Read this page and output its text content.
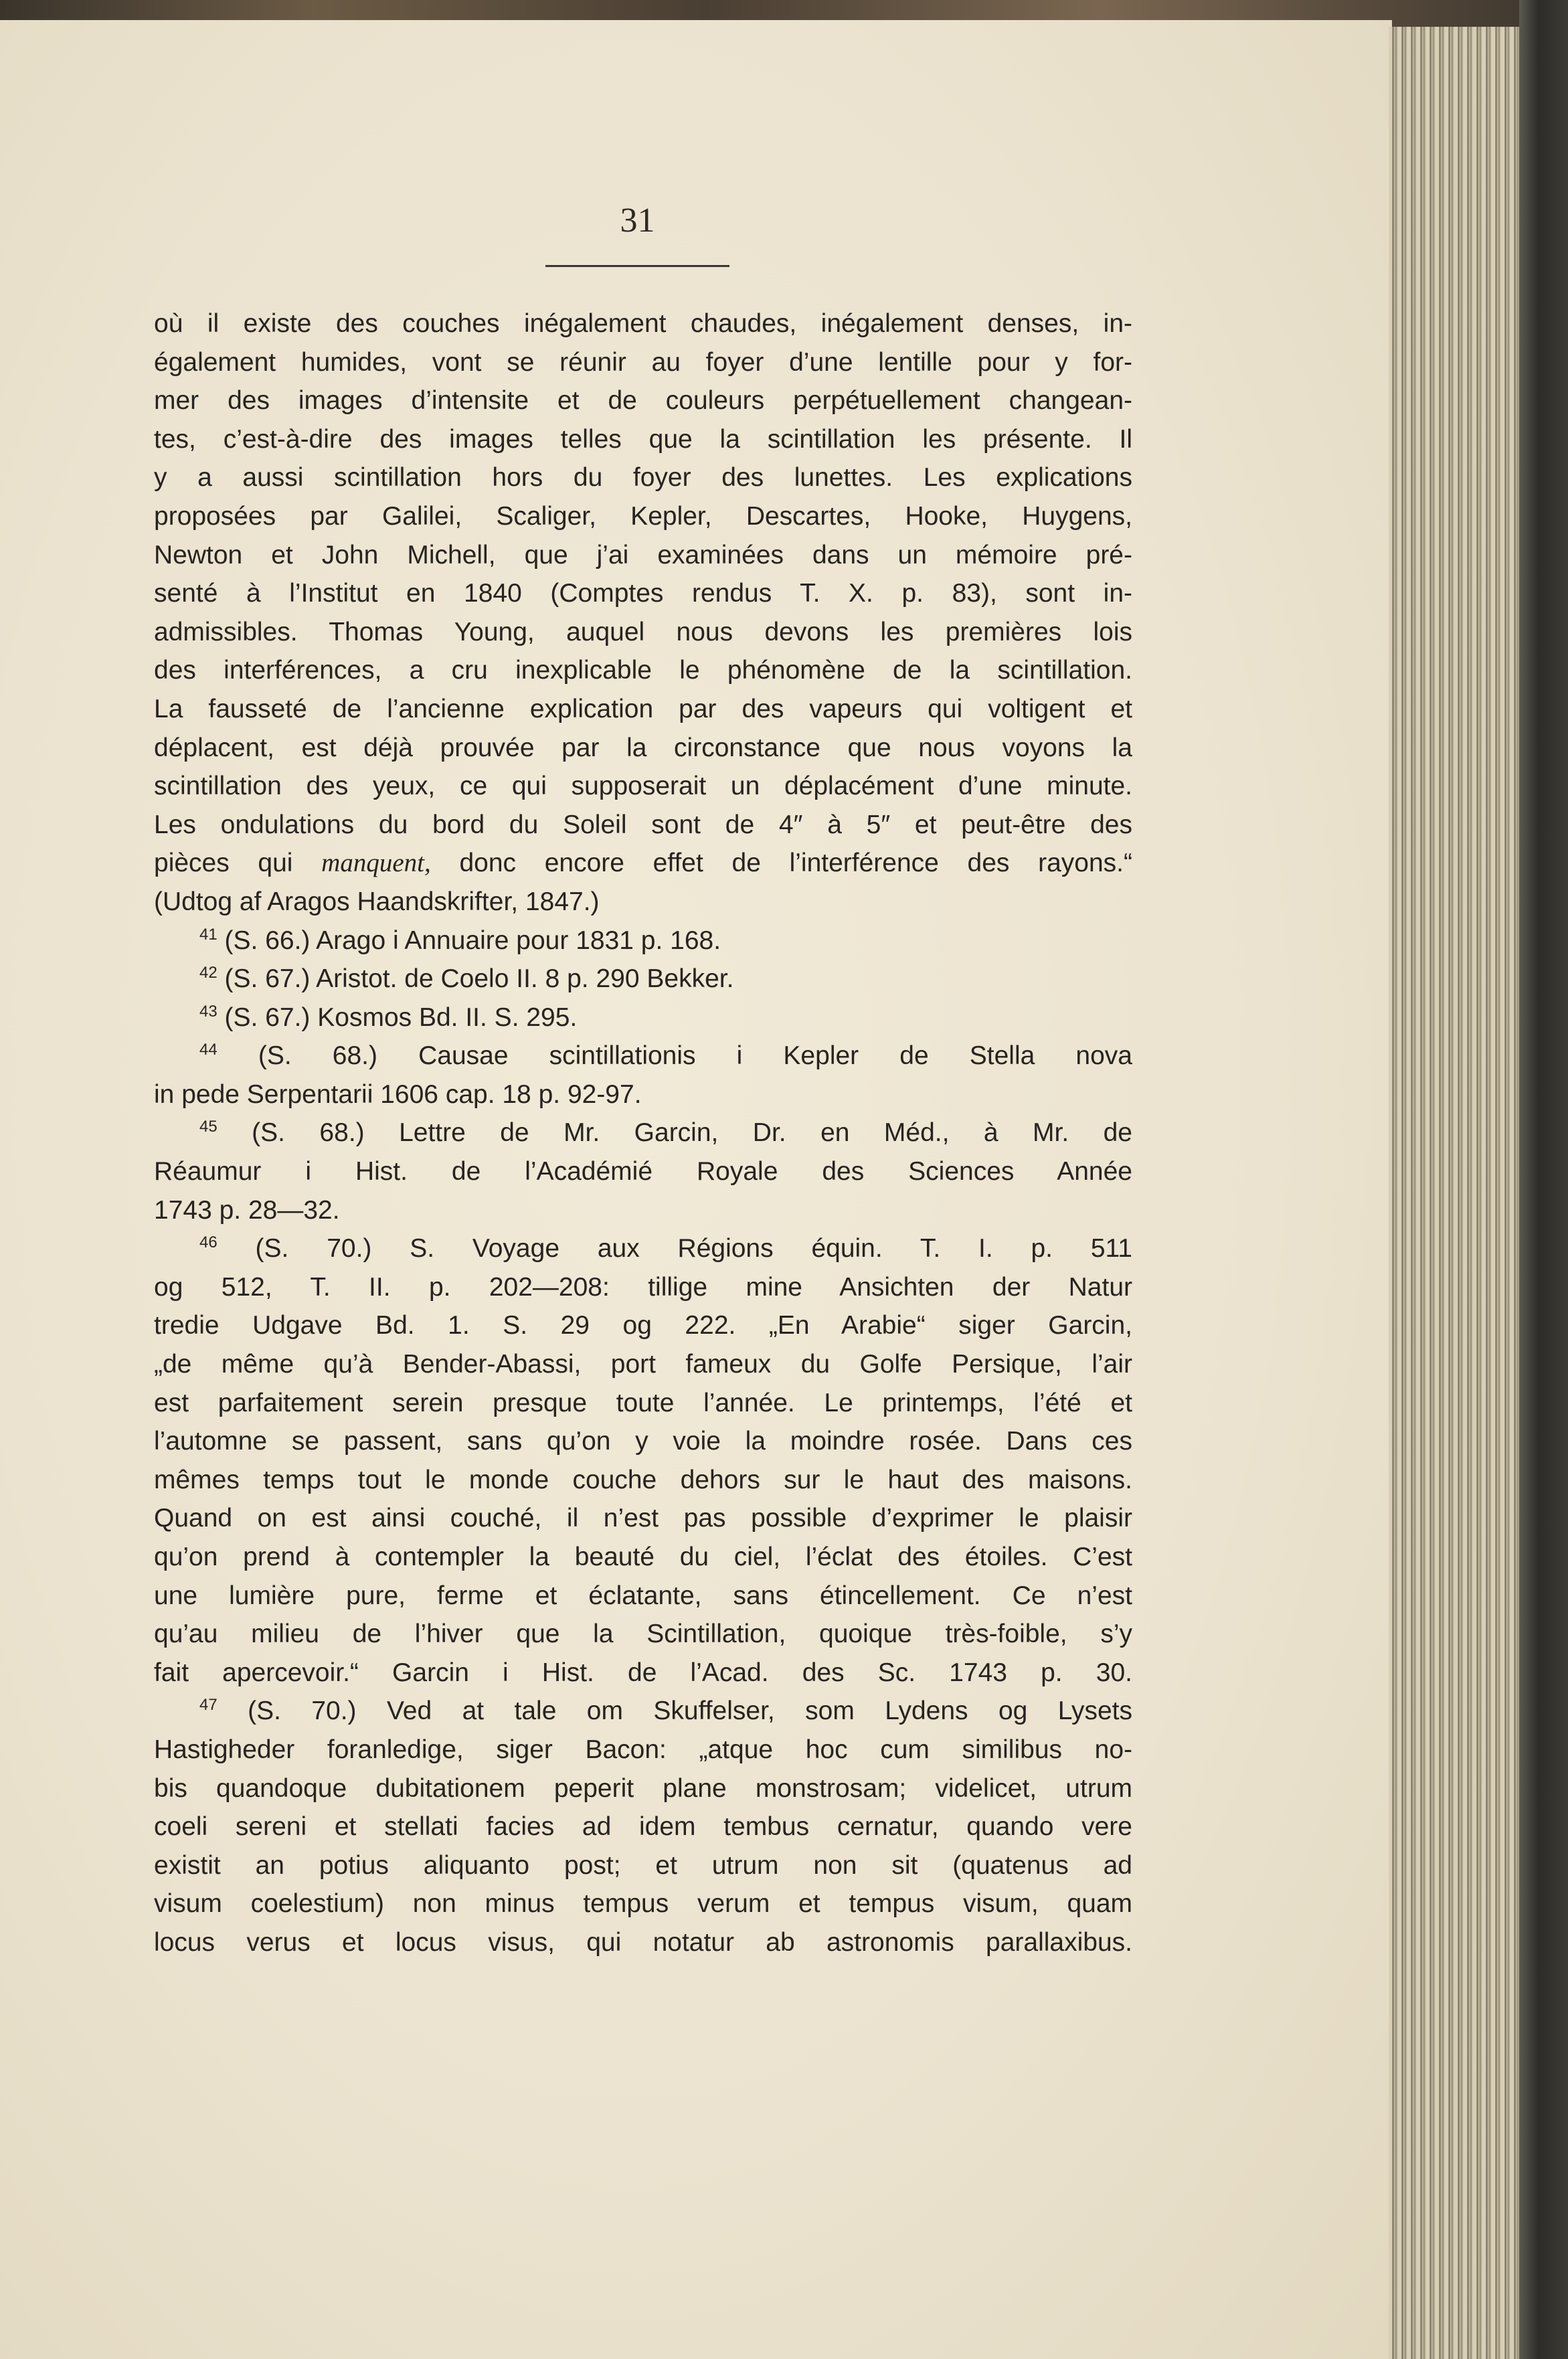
31
où il existe des couches inégalement chaudes, inégalement denses, in-
également humides, vont se réunir au foyer d’une lentille pour y for-
mer des images d’intensite et de couleurs perpétuellement changean-
tes, c’est-à-dire des images telles que la scintillation les présente. Il
y a aussi scintillation hors du foyer des lunettes. Les explications
proposées par Galilei, Scaliger, Kepler, Descartes, Hooke, Huygens,
Newton et John Michell, que j’ai examinées dans un mémoire pré-
senté à l’Institut en 1840 (Comptes rendus T. X. p. 83), sont in-
admissibles. Thomas Young, auquel nous devons les premières lois
des interférences, a cru inexplicable le phénomène de la scintillation.
La fausseté de l’ancienne explication par des vapeurs qui voltigent et
déplacent, est déjà prouvée par la circonstance que nous voyons la
scintillation des yeux, ce qui supposerait un déplacément d’une minute.
Les ondulations du bord du Soleil sont de 4″ à 5″ et peut-être des
pièces qui manquent, donc encore effet de l’interférence des rayons.“
(Udtog af Aragos Haandskrifter, 1847.)
$^{41}$ (S. 66.) Arago i Annuaire pour 1831 p. 168.
$^{42}$ (S. 67.) Aristot. de Coelo II. 8 p. 290 Bekker.
$^{43}$ (S. 67.) Kosmos Bd. II. S. 295.
$^{44}$ (S. 68.) Causae scintillationis i Kepler de Stella nova
in pede Serpentarii 1606 cap. 18 p. 92-97.
$^{45}$ (S. 68.) Lettre de Mr. Garcin, Dr. en Méd., à Mr. de
Réaumur i Hist. de l’Académié Royale des Sciences Année
1743 p. 28—32.
$^{46}$ (S. 70.) S. Voyage aux Régions équin. T. I. p. 511
og 512, T. II. p. 202—208: tillige mine Ansichten der Natur
tredie Udgave Bd. 1. S. 29 og 222. „En Arabie“ siger Garcin,
„de même qu’à Bender-Abassi, port fameux du Golfe Persique, l’air
est parfaitement serein presque toute l’année. Le printemps, l’été et
l’automne se passent, sans qu’on y voie la moindre rosée. Dans ces
mêmes temps tout le monde couche dehors sur le haut des maisons.
Quand on est ainsi couché, il n’est pas possible d’exprimer le plaisir
qu’on prend à contempler la beauté du ciel, l’éclat des étoiles. C’est
une lumière pure, ferme et éclatante, sans étincellement. Ce n’est
qu’au milieu de l’hiver que la Scintillation, quoique très-foible, s’y
fait apercevoir.“ Garcin i Hist. de l’Acad. des Sc. 1743 p. 30.
$^{47}$ (S. 70.) Ved at tale om Skuffelser, som Lydens og Lysets
Hastigheder foranledige, siger Bacon: „atque hoc cum similibus no-
bis quandoque dubitationem peperit plane monstrosam; videlicet, utrum
coeli sereni et stellati facies ad idem tembus cernatur, quando vere
existit an potius aliquanto post; et utrum non sit (quatenus ad
visum coelestium) non minus tempus verum et tempus visum, quam
locus verus et locus visus, qui notatur ab astronomis parallaxibus.
